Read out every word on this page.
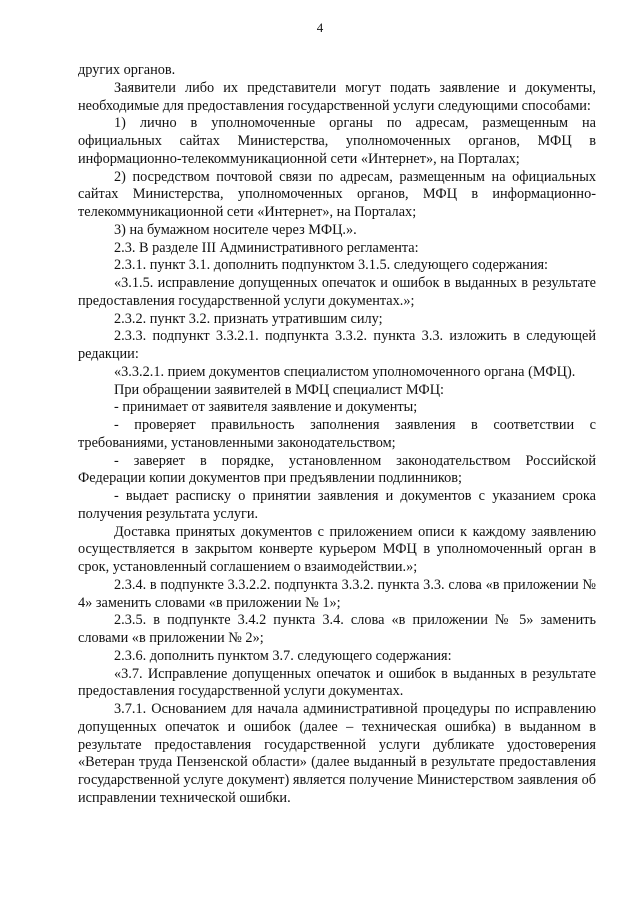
4

других органов.

Заявители либо их представители могут подать заявление и документы, необходимые для предоставления государственной услуги следующими способами:

1) лично в уполномоченные органы по адресам, размещенным на официальных сайтах Министерства, уполномоченных органов, МФЦ в информационно-телекоммуникационной сети «Интернет», на Порталах;

2) посредством почтовой связи по адресам, размещенным на официальных сайтах Министерства, уполномоченных органов, МФЦ в информационно-телекоммуникационной сети «Интернет», на Порталах;

3) на бумажном носителе через МФЦ.».

2.3. В разделе III Административного регламента:

2.3.1. пункт 3.1. дополнить подпунктом 3.1.5. следующего содержания:

«3.1.5. исправление допущенных опечаток и ошибок в выданных в результате предоставления государственной услуги документах.»;

2.3.2. пункт 3.2. признать утратившим силу;

2.3.3. подпункт 3.3.2.1. подпункта 3.3.2. пункта 3.3. изложить в следующей редакции:

«3.3.2.1. прием документов специалистом уполномоченного органа (МФЦ).

При обращении заявителей в МФЦ специалист МФЦ:

- принимает от заявителя заявление и документы;

- проверяет правильность заполнения заявления в соответствии с требованиями, установленными законодательством;

- заверяет в порядке, установленном законодательством Российской Федерации копии документов при предъявлении подлинников;

- выдает расписку о принятии заявления и документов с указанием срока получения результата услуги.

Доставка принятых документов с приложением описи к каждому заявлению осуществляется в закрытом конверте курьером МФЦ в уполномоченный орган в срок, установленный соглашением о взаимодействии.»;

2.3.4. в подпункте 3.3.2.2. подпункта 3.3.2. пункта 3.3. слова «в приложении № 4» заменить словами «в приложении № 1»;

2.3.5. в подпункте 3.4.2 пункта 3.4. слова «в приложении № 5» заменить словами «в приложении № 2»;

2.3.6. дополнить пунктом 3.7. следующего содержания:

«3.7. Исправление допущенных опечаток и ошибок в выданных в результате предоставления государственной услуги документах.

3.7.1. Основанием для начала административной процедуры по исправлению допущенных опечаток и ошибок (далее – техническая ошибка) в выданном в результате предоставления государственной услуги дубликате удостоверения «Ветеран труда Пензенской области» (далее выданный в результате предоставления государственной услуге документ) является получение Министерством заявления об исправлении технической ошибки.
